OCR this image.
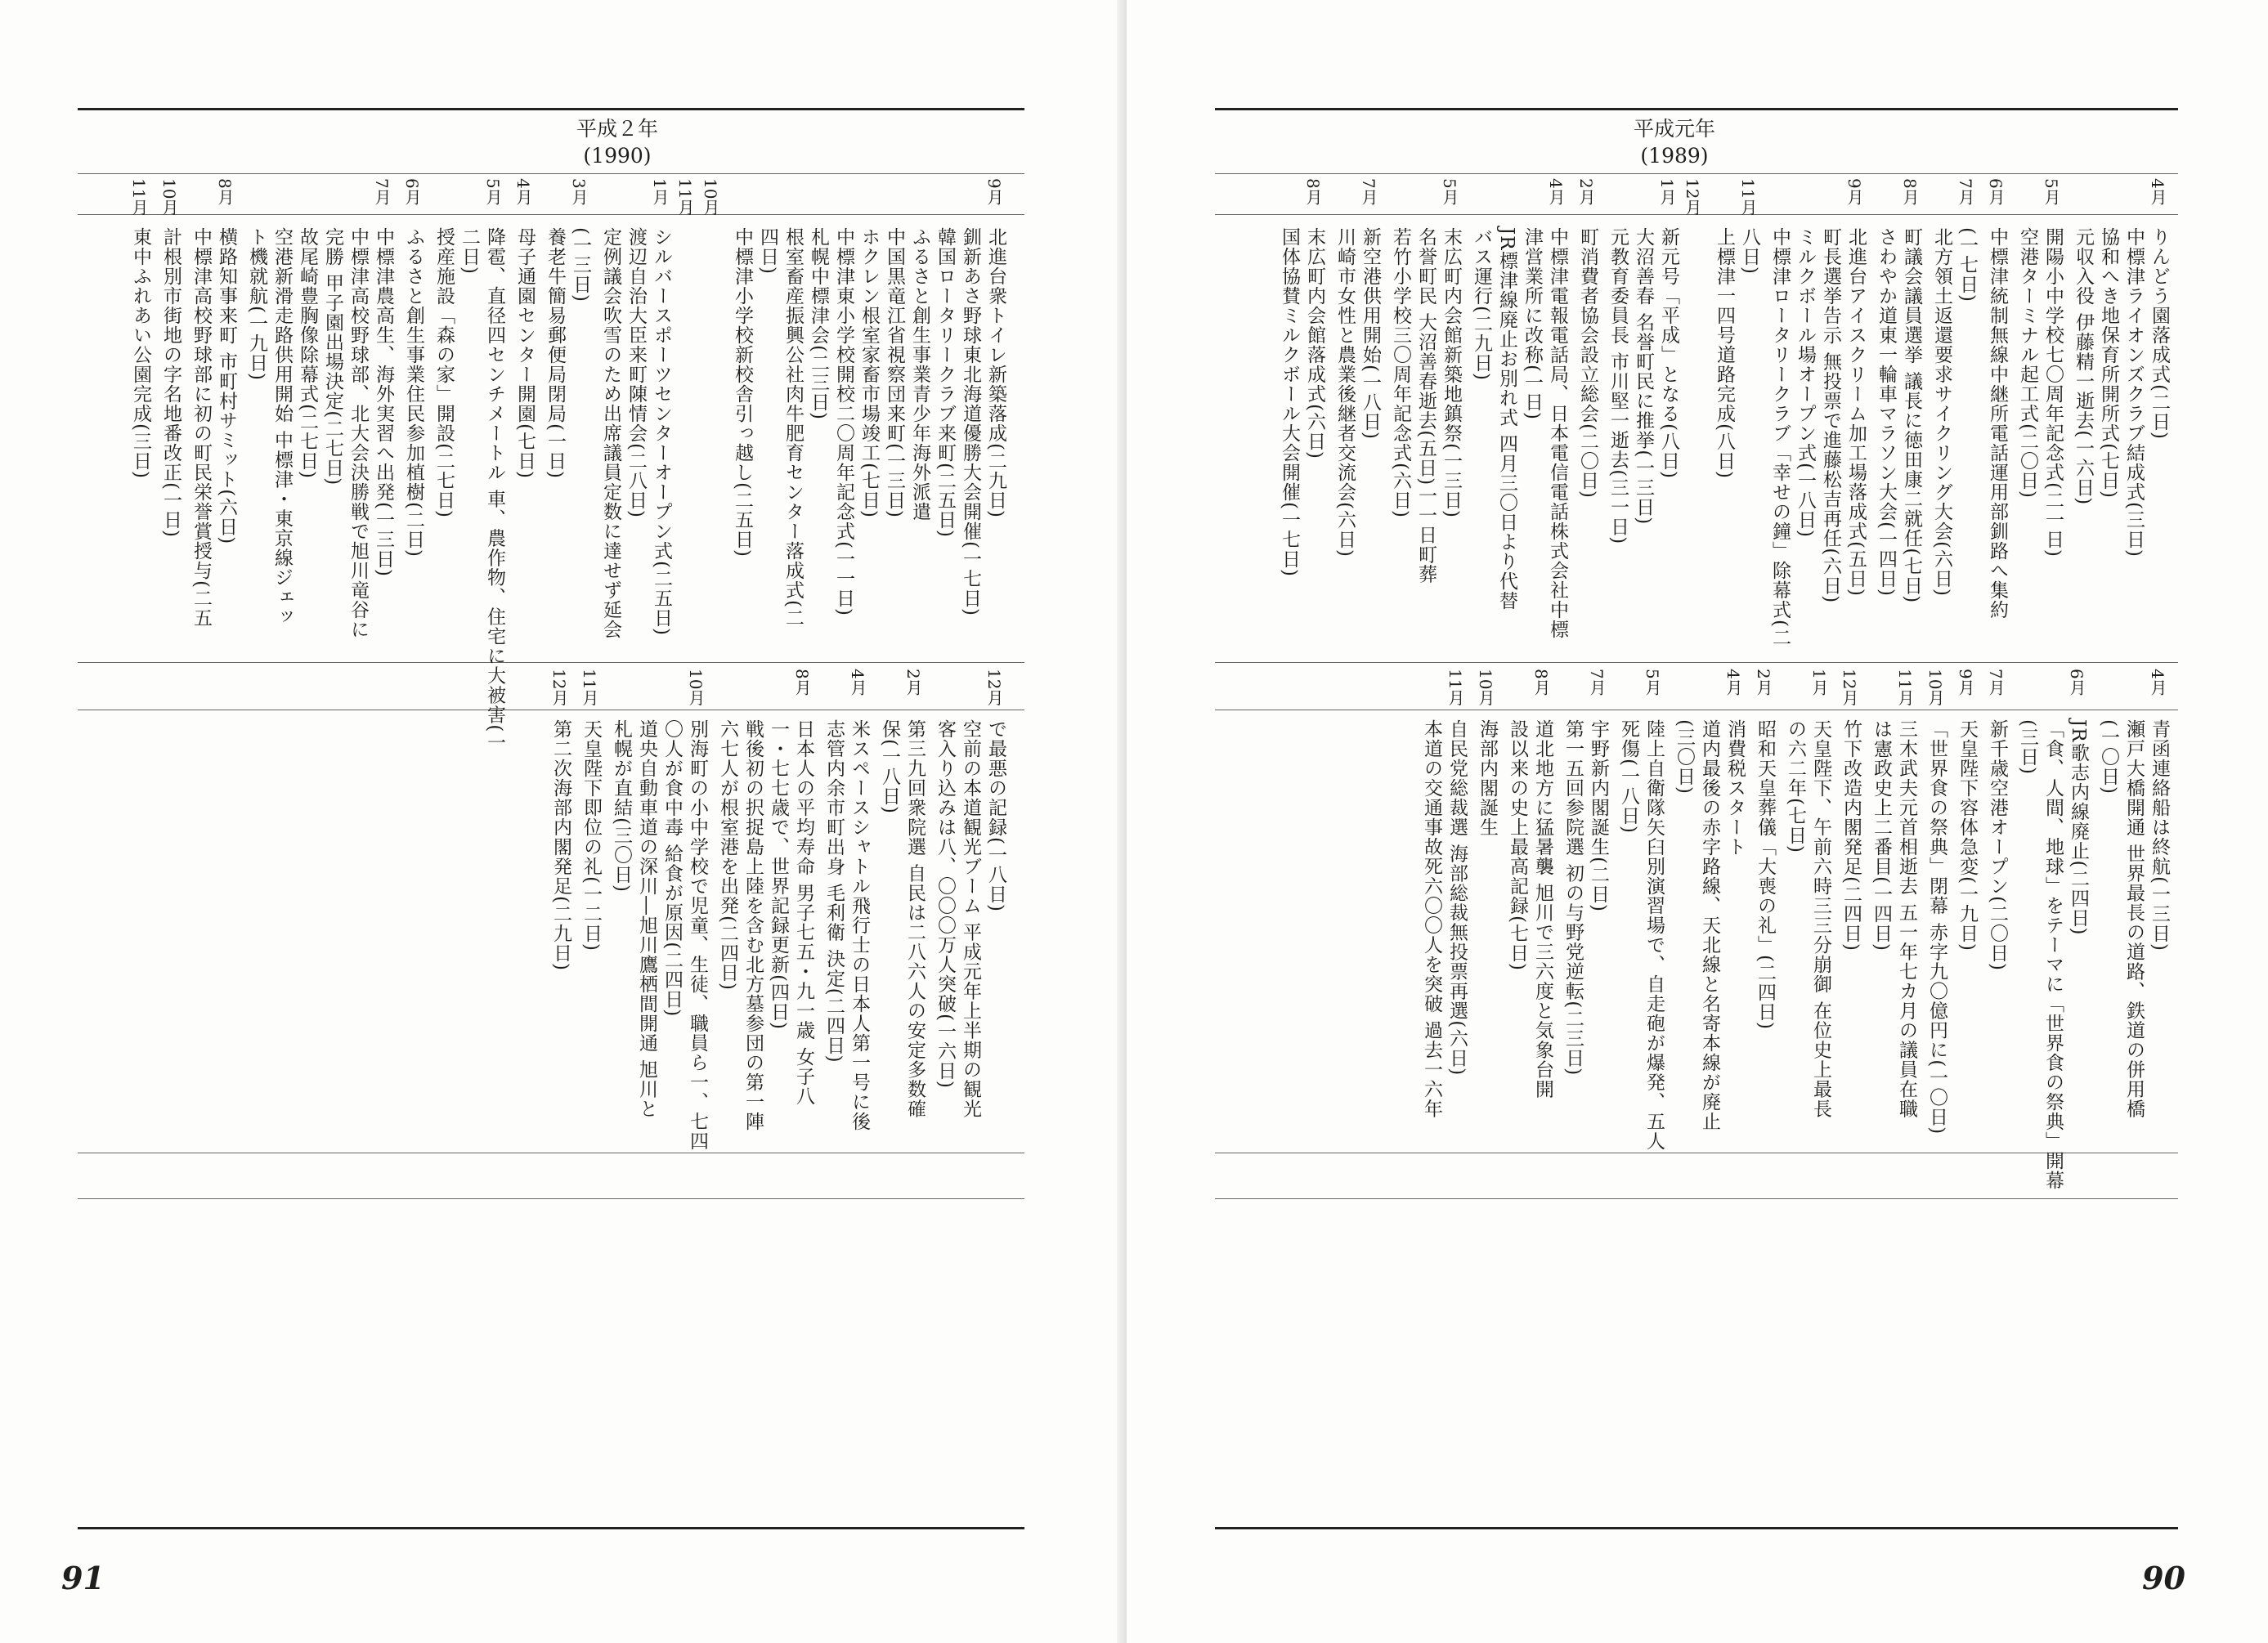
平成２年
(1990)
91
9月
北進台衆トイレ新築落成(二九日)
釧新あさ野球東北海道優勝大会開催(一七日)
韓国ロータリークラブ来町(二五日)
ふるさと創生事業青少年海外派遣
中国黒竜江省視察団来町(一三日)
ホクレン根室家畜市場竣工(七日)
中標津東小学校開校二〇周年記念式(一一日)
札幌中標津会(二三日)
根室畜産振興公社肉牛肥育センター落成式(二
四日)
中標津小学校新校舎引っ越し(二五日)
10月
11月
1月
シルバースポーツセンターオープン式(二五日)
渡辺自治大臣来町陳情会(二八日)
定例議会吹雪のため出席議員定数に達せず延会
3月
(一三日)
養老牛簡易郵便局閉局(一日)
4月
母子通園センター開園(七日)
5月
降雹、直径四センチメートル 車、農作物、住宅に大被害(一
二日)
授産施設「森の家」開設(二七日)
6月
ふるさと創生事業住民参加植樹(二日)
7月
中標津農高生、海外実習へ出発(一三日)
中標津高校野球部、北大会決勝戦で旭川竜谷に
完勝 甲子園出場決定(二七日)
故尾崎豊胸像除幕式(二七日)
空港新滑走路供用開始 中標津・東京線ジェッ
ト機就航(一九日)
8月
横路知事来町 市町村サミット(六日)
中標津高校野球部に初の町民栄誉賞授与(二五
10月
計根別市街地の字名地番改正(一日)
11月
東中ふれあい公園完成(三日)
12月
で最悪の記録(一八日)
空前の本道観光ブーム 平成元年上半期の観光
客入り込みは八、〇〇〇万人突破(一六日)
2月
第三九回衆院選 自民は二八六人の安定多数確
保(一八日)
4月
米スペースシャトル飛行士の日本人第一号に後
志管内余市町出身 毛利衛 決定(二四日)
8月
日本人の平均寿命 男子七五・九一歳 女子八
一・七七歳で、世界記録更新(四日)
戦後初の択捉島上陸を含む北方墓参団の第一陣
六七人が根室港を出発(二四日)
10月
別海町の小中学校で児童、生徒、職員ら一、七四
〇人が食中毒 給食が原因(二四日)
道央自動車道の深川―旭川鷹栖間開通 旭川と
札幌が直結(三〇日)
11月
天皇陛下即位の礼(一二日)
12月
第二次海部内閣発足(二九日)
平成元年
(1989)
90
4月
りんどう園落成式(二日)
中標津ライオンズクラブ結成式(三日)
協和へき地保育所開所式(七日)
元収入役 伊藤精一逝去(一六日)
5月
開陽小中学校七〇周年記念式(二一日)
空港ターミナル起工式(二〇日)
6月
中標津統制無線中継所電話運用部釧路へ集約
7月
(一七日)
北方領土返還要求サイクリング大会(六日)
8月
町議会議員選挙 議長に徳田康二就任(七日)
さわやか道東一輪車マラソン大会(一四日)
9月
北進台アイスクリーム加工場落成式(五日)
町長選挙告示 無投票で進藤松吉再任(六日)
ミルクボール場オープン式(一八日)
中標津ロータリークラブ「幸せの鐘」除幕式(二
11月
八日)
上標津一四号道路完成(八日)
12月
1月
新元号「平成」となる(八日)
大沼善春 名誉町民に推挙(一三日)
元教育委員長 市川堅一逝去(三一日)
2月
町消費者協会設立総会(二〇日)
4月
中標津電報電話局、日本電信電話株式会社中標
津営業所に改称(一日)
JR標津線廃止お別れ式 四月三〇日より代替
バス運行(二九日)
5月
末広町内会館新築地鎮祭(一三日)
名誉町民 大沼善春逝去(五日)一一日町葬
若竹小学校三〇周年記念式(六日)
7月
新空港供用開始(一八日)
川崎市女性と農業後継者交流会(六日)
8月
末広町内会館落成式(六日)
国体協賛ミルクボール大会開催(一七日)
4月
青函連絡船は終航(一三日)
瀬戸大橋開通 世界最長の道路、鉄道の併用橋
(一〇日)
6月
JR歌志内線廃止(二四日)
「食、人間、地球」をテーマに「世界食の祭典」開幕
(三日)
7月
新千歳空港オープン(二〇日)
9月
天皇陛下容体急変(一九日)
10月
「世界食の祭典」閉幕 赤字九〇億円に(一〇日)
11月
三木武夫元首相逝去 五一年七カ月の議員在職
は憲政史上二番目(一四日)
12月
竹下改造内閣発足(二四日)
1月
天皇陛下、午前六時三三分崩御 在位史上最長
の六二年(七日)
2月
昭和天皇葬儀「大喪の礼」(二四日)
4月
消費税スタート
道内最後の赤字路線、天北線と名寄本線が廃止
(三〇日)
5月
陸上自衛隊矢臼別演習場で、自走砲が爆発、五人
死傷(一八日)
7月
宇野新内閣誕生(二日)
第一五回参院選 初の与野党逆転(二三日)
8月
道北地方に猛暑襲 旭川で三六度と気象台開
設以来の史上最高記録(七日)
10月
海部内閣誕生
11月
自民党総裁選 海部総裁無投票再選(六日)
本道の交通事故死六〇〇人を突破 過去一六年
